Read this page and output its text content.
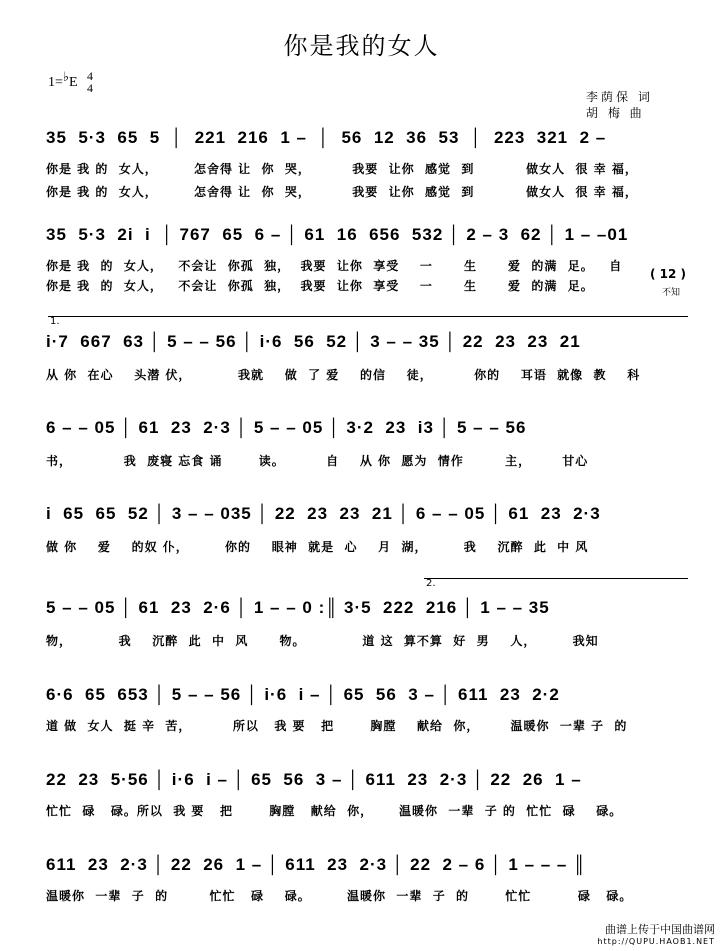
你是我的女人
1=♭E 4
4
李荫保 词
胡 梅 曲
35  5·3  65  5  │  221  216  1 –  │  56  12  36  53  │  223  321  2 –
你是 我 的  女人，       怎舍得 让  你  哭，        我要  让你  感觉  到          做女人  很 幸 福，
你是 我 的  女人，       怎舍得 让  你  哭，        我要  让你  感觉  到          做女人  很 幸 福，
35  5·3  2i  i  │ 767  65  6 – │ 61  16  656  532 │ 2 – 3  62 │ 1 – –01
你是 我  的  女人，   不会让  你孤  独，  我要  让你  享受    一      生      爱  的满  足。   自
你是 我  的  女人，   不会让  你孤  独，  我要  让你  享受    一      生      爱  的满  足。
( 12 )
不知
1.
i·7  667  63 │ 5 – – 56 │ i·6  56  52 │ 3 – – 35 │ 22  23  23  21
从 你  在心    头潜 伏，         我就    做  了 爱    的信    徒，        你的    耳语  就像  教    科
6 – – 05 │ 61  23  2·3 │ 5 – – 05 │ 3·2  23  i3 │ 5 – – 56
书，          我  废寝 忘食 诵       读。        自    从 你  愿为  情作        主，      甘心
i  65  65  52 │ 3 – – 035 │ 22  23  23  21 │ 6 – – 05 │ 61  23  2·3
做 你    爱    的奴 仆，       你的    眼神  就是  心    月  湖，       我    沉醉  此  中 风
2.
5 – – 05 │ 61  23  2·6 │ 1 – – 0 :║ 3·5  222  216 │ 1 – – 35
物，         我    沉醉  此  中  风      物。           道 这  算不算  好  男    人，       我知
6·6  65  653 │ 5 – – 56 │ i·6  i – │ 65  56  3 – │ 611  23  2·2
道 做  女人  挺 辛  苦，        所以   我 要   把       胸膛    献给  你，      温暖你  一辈 子  的
22  23  5·56 │ i·6  i – │ 65  56  3 – │ 611  23  2·3 │ 22  26  1 –
忙忙  碌   碌。所以  我 要   把       胸膛   献给  你，     温暖你  一辈  子 的  忙忙  碌    碌。
611  23  2·3 │ 22  26  1 – │ 611  23  2·3 │ 22  2 – 6 │ 1 – – – ║
温暖你  一辈  子  的        忙忙   碌    碌。       温暖你  一辈  子  的       忙忙         碌   碌。
曲谱上传于中国曲谱网
http://QUPU.HAOB1.NET
